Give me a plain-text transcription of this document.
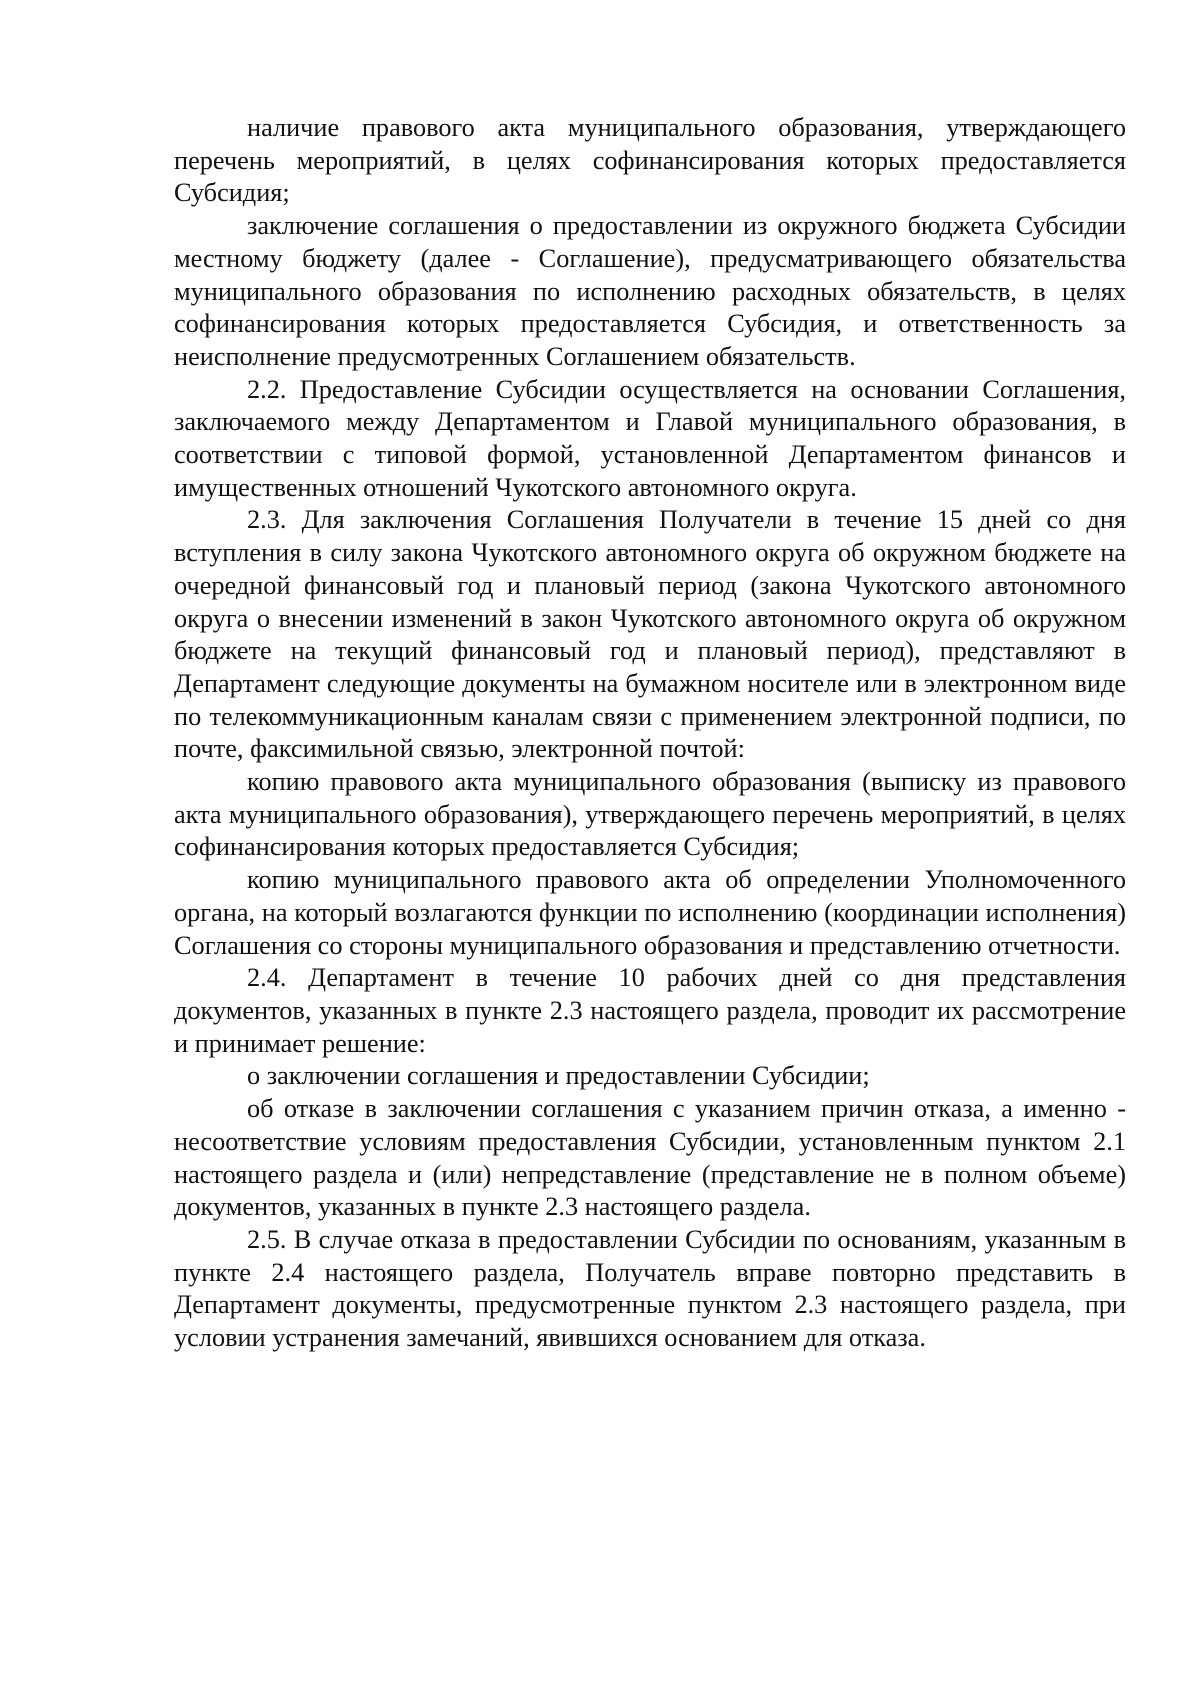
наличие правового акта муниципального образования, утверждающего перечень мероприятий, в целях софинансирования которых предоставляется Субсидия;

заключение соглашения о предоставлении из окружного бюджета Субсидии местному бюджету (далее - Соглашение), предусматривающего обязательства муниципального образования по исполнению расходных обязательств, в целях софинансирования которых предоставляется Субсидия, и ответственность за неисполнение предусмотренных Соглашением обязательств.

2.2. Предоставление Субсидии осуществляется на основании Соглашения, заключаемого между Департаментом и Главой муниципального образования, в соответствии с типовой формой, установленной Департаментом финансов и имущественных отношений Чукотского автономного округа.

2.3. Для заключения Соглашения Получатели в течение 15 дней со дня вступления в силу закона Чукотского автономного округа об окружном бюджете на очередной финансовый год и плановый период (закона Чукотского автономного округа о внесении изменений в закон Чукотского автономного округа об окружном бюджете на текущий финансовый год и плановый период), представляют в Департамент следующие документы на бумажном носителе или в электронном виде по телекоммуникационным каналам связи с применением электронной подписи, по почте, факсимильной связью, электронной почтой:

копию правового акта муниципального образования (выписку из правового акта муниципального образования), утверждающего перечень мероприятий, в целях софинансирования которых предоставляется Субсидия;

копию муниципального правового акта об определении Уполномоченного органа, на который возлагаются функции по исполнению (координации исполнения) Соглашения со стороны муниципального образования и представлению отчетности.

2.4. Департамент в течение 10 рабочих дней со дня представления документов, указанных в пункте 2.3 настоящего раздела, проводит их рассмотрение и принимает решение:

о заключении соглашения и предоставлении Субсидии;

об отказе в заключении соглашения с указанием причин отказа, а именно - несоответствие условиям предоставления Субсидии, установленным пунктом 2.1 настоящего раздела и (или) непредставление (представление не в полном объеме) документов, указанных в пункте 2.3 настоящего раздела.

2.5. В случае отказа в предоставлении Субсидии по основаниям, указанным в пункте 2.4 настоящего раздела, Получатель вправе повторно представить в Департамент документы, предусмотренные пунктом 2.3 настоящего раздела, при условии устранения замечаний, явившихся основанием для отказа.
